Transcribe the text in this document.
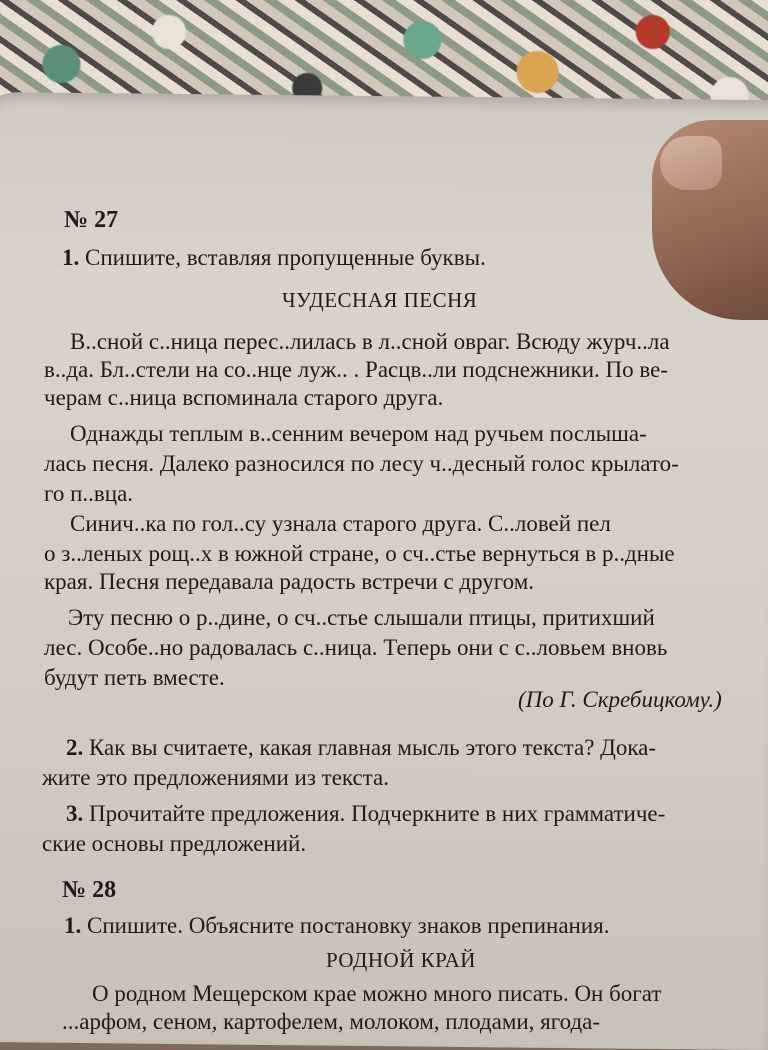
№ 27
1. Спишите, вставляя пропущенные буквы.
ЧУДЕСНАЯ ПЕСНЯ
В..сной с..ница перес..лилась в л..сной овраг. Всюду журч..ла
в..да. Бл..стели на со..нце луж.. . Расцв..ли подснежники. По ве-
черам с..ница вспоминала старого друга.
Однажды теплым в..сенним вечером над ручьем послыша-
лась песня. Далеко разносился по лесу ч..десный голос крылато-
го п..вца.
Синич..ка по гол..су узнала старого друга. С..ловей пел
о з..леных рощ..х в южной стране, о сч..стье вернуться в р..дные
края. Песня передавала радость встречи с другом.
Эту песню о р..дине, о сч..стье слышали птицы, притихший
лес. Особе..но радовалась с..ница. Теперь они с с..ловьем вновь
будут петь вместе.
(По Г. Скребицкому.)
2. Как вы считаете, какая главная мысль этого текста? Дока-
жите это предложениями из текста.
3. Прочитайте предложения. Подчеркните в них грамматиче-
ские основы предложений.
№ 28
1. Спишите. Объясните постановку знаков препинания.
РОДНОЙ КРАЙ
О родном Мещерском крае можно много писать. Он богат
...арфом, сеном, картофелем, молоком, плодами, ягода-
